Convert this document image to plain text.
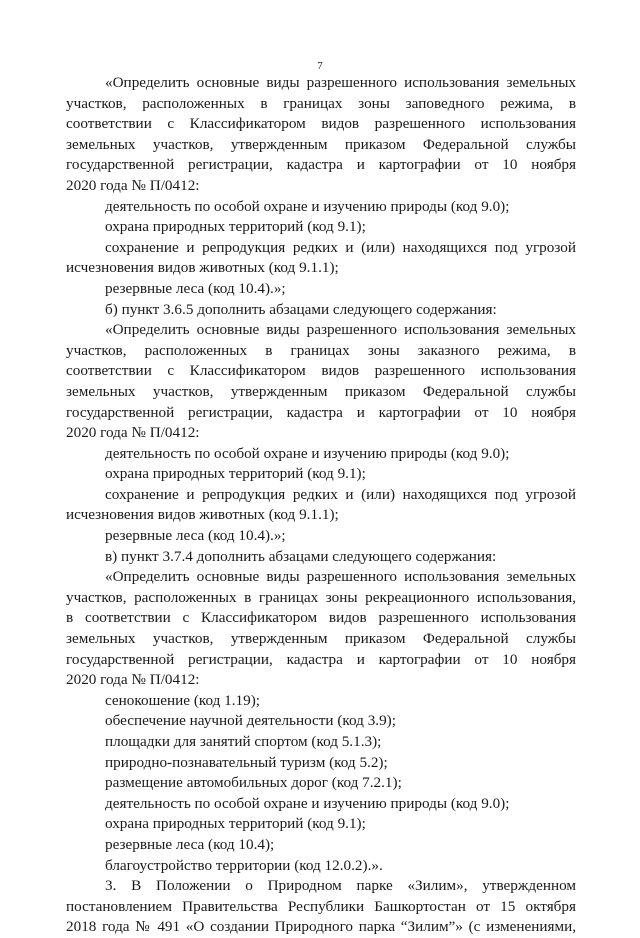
7
«Определить основные виды разрешенного использования земельных
участков, расположенных в границах зоны заповедного режима, в
соответствии с Классификатором видов разрешенного использования
земельных участков, утвержденным приказом Федеральной службы
государственной регистрации, кадастра и картографии от 10 ноября
2020 года № П/0412:
деятельность по особой охране и изучению природы (код 9.0);
охрана природных территорий (код 9.1);
сохранение и репродукция редких и (или) находящихся под угрозой
исчезновения видов животных (код 9.1.1);
резервные леса (код 10.4).»;
б) пункт 3.6.5 дополнить абзацами следующего содержания:
«Определить основные виды разрешенного использования земельных
участков, расположенных в границах зоны заказного режима, в
соответствии с Классификатором видов разрешенного использования
земельных участков, утвержденным приказом Федеральной службы
государственной регистрации, кадастра и картографии от 10 ноября
2020 года № П/0412:
деятельность по особой охране и изучению природы (код 9.0);
охрана природных территорий (код 9.1);
сохранение и репродукция редких и (или) находящихся под угрозой
исчезновения видов животных (код 9.1.1);
резервные леса (код 10.4).»;
в) пункт 3.7.4 дополнить абзацами следующего содержания:
«Определить основные виды разрешенного использования земельных
участков, расположенных в границах зоны рекреационного использования,
в соответствии с Классификатором видов разрешенного использования
земельных участков, утвержденным приказом Федеральной службы
государственной регистрации, кадастра и картографии от 10 ноября
2020 года № П/0412:
сенокошение (код 1.19);
обеспечение научной деятельности (код 3.9);
площадки для занятий спортом (код 5.1.3);
природно-познавательный туризм (код 5.2);
размещение автомобильных дорог (код 7.2.1);
деятельность по особой охране и изучению природы (код 9.0);
охрана природных территорий (код 9.1);
резервные леса (код 10.4);
благоустройство территории (код 12.0.2).».
3. В Положении о Природном парке «Зилим», утвержденном
постановлением Правительства Республики Башкортостан от 15 октября
2018 года № 491 «О создании Природного парка “Зилим”» (с изменениями,
